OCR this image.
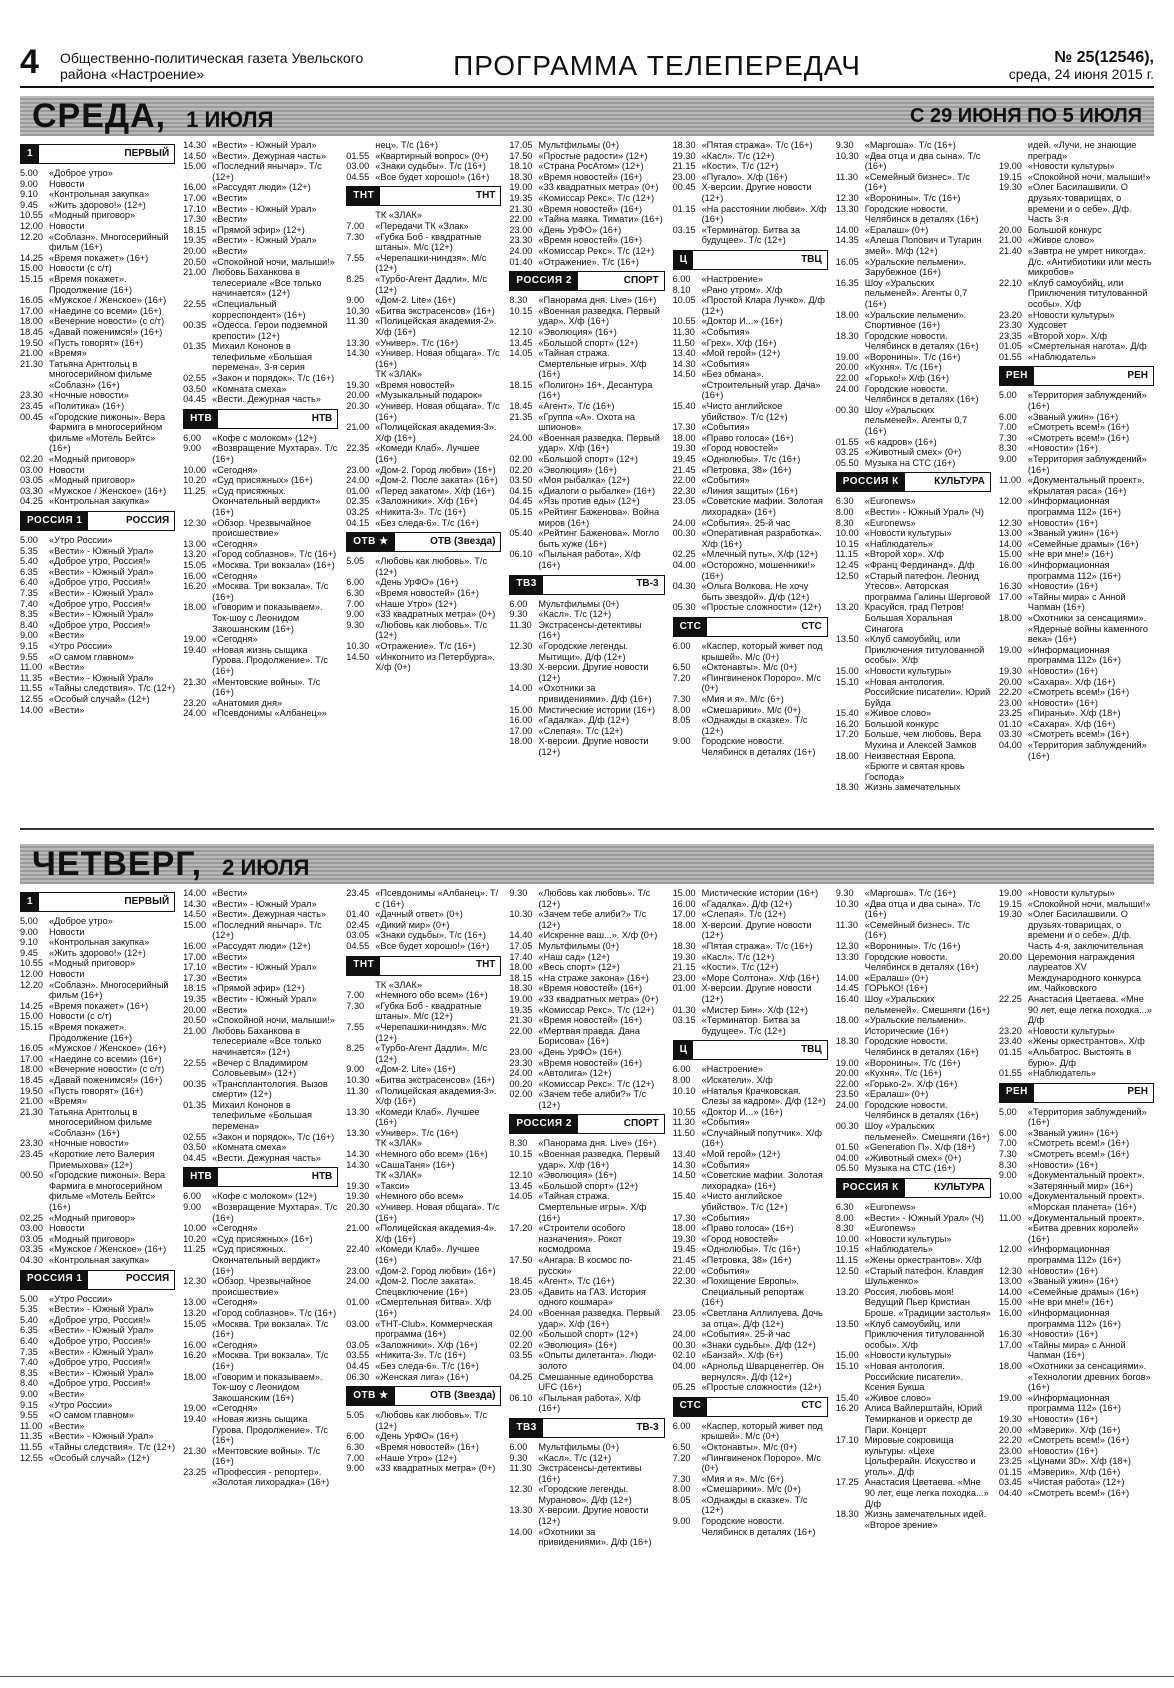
4	Общественно-политическая газета Увельского района «Настроение»	ПРОГРАММА ТЕЛЕПЕРЕДАЧ	№ 25(12546),
среда, 24 июня 2015 г.
СРЕДА, 1 ИЮЛЯ	С 29 ИЮНЯ ПО 5 ИЮЛЯ
1	ПЕРВЫЙ
5.00	«Доброе утро»
9.00	Новости
9.10	«Контрольная закупка»
9.45	«Жить здорово!» (12+)
10.55 «Модный приговор»
12.00 Новости
12.20 «Соблазн». Многосерийный фильм (16+)
14.25 «Время покажет» (16+)
15.00 Новости (с с/т)
15.15 «Время покажет». Продолжение (16+)
16.05 «Мужское / Женское» (16+)
17.00 «Наедине со всеми» (16+)
18.00 «Вечерние новости» (с с/т)
18.45 «Давай поженимся!» (16+)
19.50 «Пусть говорят» (16+)
21.00 «Время»
21.30 Татьяна Арнтгольц в многосерийном фильме «Соблазн» (16+)
23.30 «Ночные новости»
23.45 «Политика» (16+)
00.45 «Городские пижоны». Вера Фармига в многосерийном фильме «Мотель Бейтс» (16+)
02.20 «Модный приговор»
03.00 Новости
03.05 «Модный приговор»
03.30 «Мужское / Женское» (16+)
04.25 «Контрольная закупка»
РОССИЯ 1	РОССИЯ
5.00	«Утро России»
5.35	«Вести» - Южный Урал»
5.40	«Доброе утро, Россия!»
6.35	«Вести» - Южный Урал»
6.40	«Доброе утро, Россия!»
7.35	«Вести» - Южный Урал»
7.40	«Доброе утро, Россия!»
8.35	«Вести» - Южный Урал»
8.40	«Доброе утро, Россия!»
9.00	«Вести»
9.15	«Утро России»
9.55	«О самом главном»
11.00 «Вести»
11.35 «Вести» - Южный Урал»
11.55 «Тайны следствия». Т/с (12+)
12.55 «Особый случай» (12+)
14.00 «Вести»
14.30 «Вести» - Южный Урал»
14.50 «Вести». Дежурная часть»
15.00 «Последний янычар». Т/с (12+)
16.00 «Рассудят люди» (12+)
17.00 «Вести»
17.10 «Вести» - Южный Урал»
17.30 «Вести»
18.15 «Прямой эфир» (12+)
19.35 «Вести» - Южный Урал»
20.00 «Вести»
20.50 «Спокойной ночи, малыши!»
21.00 Любовь Баханкова в телесериале «Все только начинается» (12+)
22.55 «Специальный корреспондент» (16+)
00.35 «Одесса. Герои подземной крепости» (12+)
01.35 Михаил Кононов в телефильме «Большая перемена». 3-я серия
02.55 «Закон и порядок». Т/с (16+)
03.50 «Комната смеха»
04.45 «Вести. Дежурная часть»
НТВ	НТВ
6.00	«Кофе с молоком» (12+)
9.00	«Возвращение Мухтара». Т/с (16+)
10.00 «Сегодня»
10.20 «Суд присяжных» (16+)
11.25 «Суд присяжных. Окончательный вердикт» (16+)
12.30 «Обзор. Чрезвычайное происшествие»
13.00 «Сегодня»
13.20 «Город соблазнов». Т/с (16+)
15.05 «Москва. Три вокзала» (16+)
16.00 «Сегодня»
16.20 «Москва. Три вокзала». Т/с (16+)
18.00 «Говорим и показываем». Ток-шоу с Леонидом Закошанским (16+)
19.00 «Сегодня»
19.40 «Новая жизнь сыщика Гурова. Продолжение». Т/с (16+)
21.30 «Ментовские войны». Т/с (16+)
23.20 «Анатомия дня»
24.00 «Псевдонимы «Албанец»»
нец». Т/с (16+)
01.55 «Квартирный вопрос» (0+)
03.00 «Знаки судьбы». Т/с (16+)
04.55 «Все будет хорошо!» (16+)
ТНТ	ТНТ
ТК «ЗЛАК»
7.00	«Передачи ТК «Злак»
7.30	«Губка Боб - квадратные штаны». М/с (12+)
7.55	«Черепашки-ниндзя». М/с (12+)
8.25	«Турбо-Агент Дадли». М/с (12+)
9.00	«Дом-2. Lite» (16+)
10.30 «Битва экстрасенсов» (16+)
11.30 «Полицейская академия-2». Х/ф (16+)
13.30 «Универ». Т/с (16+)
14.30 «Универ. Новая общага». Т/с (16+)
ТК «ЗЛАК»
19.30 «Время новостей»
20.00 «Музыкальный подарок»
20.30 «Универ. Новая общага». Т/с (16+)
21.00 «Полицейская академия-3». Х/ф (16+)
22.35 «Комеди Клаб». Лучшее (16+)
23.00 «Дом-2. Город любви» (16+)
24.00 «Дом-2. После заката» (16+)
01.00 «Перед закатом». Х/ф (16+)
02.35 «Заложники». Х/ф (16+)
03.25 «Никита-3». Т/с (16+)
04.15 «Без следа-6». Т/с (16+)
ОТВ ★	ОТВ (Звезда)
5.05	«Любовь как любовь». Т/с (12+)
6.00	«День УрФО» (16+)
6.30	«Время новостей» (16+)
7.00	«Наше Утро» (12+)
9.00	«33 квадратных метра» (0+)
9.30	«Любовь как любовь». Т/с (12+)
10.30 «Отражение». Т/с (16+)
14.50 «Инкогнито из Петербурга». Х/ф (0+)
17.05 Мультфильмы (0+)
17.50 «Простые радости» (12+)
18.10 «Страна РосАтом» (12+)
18.30 «Время новостей» (16+)
19.00 «33 квадратных метра» (0+)
19.35 «Комиссар Рекс». Т/с (12+)
21.30 «Время новостей» (16+)
22.00 «Тайна маяка. Тимати» (16+)
23.00 «День УрФО» (16+)
23.30 «Время новостей» (16+)
24.00 «Комиссар Рекс». Т/с (12+)
01.40 «Отражение». Т/с (16+)
РОССИЯ 2	СПОРТ
8.30	«Панорама дня. Live» (16+)
10.15 «Военная разведка. Первый удар». Х/ф (16+)
12.10 «Эволюция» (16+)
13.45 «Большой спорт» (12+)
14.05 «Тайная стража. Смертельные игры». Х/ф (16+)
18.15 «Полигон» 16+. Десантура (16+)
18.45 «Агент». Т/с (16+)
21.35 «Группа «А». Охота на шпионов»
24.00 «Военная разведка. Первый удар». Х/ф (16+)
02.00 «Большой спорт» (12+)
02.20 «Эволюция» (16+)
03.50 «Моя рыбалка» (12+)
04.15 «Диалоги о рыбалке» (16+)
04.45 «Язь против еды» (12+)
05.15 «Рейтинг Баженова». Война миров (16+)
05.40 «Рейтинг Баженова». Могло быть хуже (16+)
06.10 «Пыльная работа». Х/ф (16+)
ТВ3	ТВ-3
6.00	Мультфильмы (0+)
9.30	«Касл». Т/с (12+)
11.30 Экстрасенсы-детективы (16+)
12.30 «Городские легенды. Мытищи». Д/ф (12+)
13.30 Х-версии. Другие новости (12+)
14.00 «Охотники за привидениями». Д/ф (16+)
15.00 Мистические истории (16+)
16.00 «Гадалка». Д/ф (12+)
17.00 «Слепая». Т/с (12+)
18.00 Х-версии. Другие новости (12+)
18.30 «Пятая стража». Т/с (16+)
19.30 «Касл». Т/с (12+)
21.15 «Кости». Т/с (12+)
23.00 «Пугало». Х/ф (16+)
00.45 Х-версии. Другие новости (12+)
01.15 «На расстоянии любви». Х/ф (16+)
03.15 «Терминатор. Битва за будущее». Т/с (12+)
Ц	ТВЦ
6.00	«Настроение»
8.10	«Рано утром». Х/ф
10.05 «Простой Клара Лучко». Д/ф (12+)
10.55 «Доктор И...» (16+)
11.30 «События»
11.50 «Грех». Х/ф (16+)
13.40 «Мой герой» (12+)
14.30 «События»
14.50 «Без обмана». «Строительный угар. Дача» (16+)
15.40 «Чисто английское убийство». Т/с (12+)
17.30 «События»
18.00 «Право голоса» (16+)
19.30 «Город новостей»
19.45 «Однолюбы». Т/с (16+)
21.45 «Петровка, 38» (16+)
22.00 «События»
22.30 «Линия защиты» (16+)
23.05 «Советские мафии. Золотая лихорадка» (16+)
24.00 «События». 25-й час
00.30 «Оперативная разработка». Х/ф (16+)
02.25 «Млечный путь». Х/ф (12+)
04.00 «Осторожно, мошенники!» (16+)
04.30 «Ольга Волкова. Не хочу быть звездой». Д/ф (12+)
05.30 «Простые сложности» (12+)
СТС	СТС
6.00	«Каспер, который живет под крышей». М/с (0+)
6.50	«Октонавты». М/с (0+)
7.20	«Пингвиненок Пороро». М/с (0+)
7.30	«Мия и я». М/с (6+)
8.00	«Смешарики». М/с (0+)
8.05	«Однажды в сказке». Т/с (12+)
9.00	Городские новости. Челябинск в деталях (16+)
9.30	«Маргоша». Т/с (16+)
10.30 «Два отца и два сына». Т/с (16+)
11.30 «Семейный бизнес». Т/с (16+)
12.30 «Воронины». Т/с (16+)
13.30 Городские новости. Челябинск в деталях (16+)
14.00 «Ералаш» (0+)
14.35 «Алеша Попович и Тугарин змей». М/ф (12+)
16.05 «Уральские пельмени». Зарубежное (16+)
16.35 Шоу «Уральских пельменей». Агенты 0,7 (16+)
18.00 «Уральские пельмени». Спортивное (16+)
18.30 Городские новости. Челябинск в деталях (16+)
19.00 «Воронины». Т/с (16+)
20.00 «Кухня». Т/с (16+)
22.00 «Горько!» Х/ф (16+)
24.00 Городские новости. Челябинск в деталях (16+)
00.30 Шоу «Уральских пельменей». Агенты 0,7 (16+)
01.55 «6 кадров» (16+)
03.25 «Животный смех» (0+)
05.50 Музыка на СТС (16+)
РОССИЯ К	КУЛЬТУРА
6.30	«Euronews»
8.00	«Вести» - Южный Урал» (Ч)
8.30	«Euronews»
10.00 «Новости культуры»
10.15 «Наблюдатель»
11.15 «Второй хор». Х/ф
12.45 «Франц Фердинанд». Д/ф
12.50 «Старый патефон. Леонид Утесов». Авторская программа Галины Шерговой
13.20 Красуйся, град Петров! Большая Хоральная Синагога
13.50 «Клуб самоубийц, или Приключения титулованной особы». Х/ф
15.00 «Новости культуры»
15.10 «Новая антология. Российские писатели». Юрий Буйда
15.40 «Живое слово»
16.20 Большой конкурс
17.20 Больше, чем любовь. Вера Мухина и Алексей Замков
18.00 Неизвестная Европа. «Брюгге и святая кровь Господа»
18.30 Жизнь замечательных
идей. «Лучи, не знающие преград»
19.00 «Новости культуры»
19.15 «Спокойной ночи, малыши!»
19.30 «Олег Басилашвили. О друзьях-товарищах, о времени и о себе». Д/ф. Часть 3-я
20.00 Большой конкурс
21.00 «Живое слово»
21.40 «Завтра не умрет никогда». Д/с. «Антибиотики или месть микробов»
22.10 «Клуб самоубийц, или Приключения титулованной особы». Х/ф
23.20 «Новости культуры»
23.30 Худсовет
23.35 «Второй хор». Х/ф
01.05 «Смертельная нагота». Д/ф
01.55 «Наблюдатель»
РЕН	РЕН
5.00	«Территория заблуждений» (16+)
6.00	«Званый ужин» (16+)
7.00	«Смотреть всем!» (16+)
7.30	«Смотреть всем!» (16+)
8.30	«Новости» (16+)
9.00	«Территория заблуждений» (16+)
11.00 «Документальный проект». «Крылатая раса» (16+)
12.00 «Информационная программа 112» (16+)
12.30 «Новости» (16+)
13.00 «Званый ужин» (16+)
14.00 «Семейные драмы» (16+)
15.00 «Не ври мне!» (16+)
16.00 «Информационная программа 112» (16+)
16.30 «Новости» (16+)
17.00 «Тайны мира» с Анной Чапман (16+)
18.00 «Охотники за сенсациями». «Ядерные войны каменного века» (16+)
19.00 «Информационная программа 112» (16+)
19.30 «Новости» (16+)
20.00 «Сахара». Х/ф (16+)
22.20 «Смотреть всем!» (16+)
23.00 «Новости» (16+)
23.25 «Пираньи». Х/ф (18+)
01.10 «Сахара». Х/ф (16+)
03.30 «Смотреть всем!» (16+)
04.00 «Территория заблуждений» (16+)
ЧЕТВЕРГ, 2 ИЮЛЯ
1	ПЕРВЫЙ
5.00	«Доброе утро»
9.00	Новости
9.10	«Контрольная закупка»
9.45	«Жить здорово!» (12+)
10.55 «Модный приговор»
12.00 Новости
12.20 «Соблазн». Многосерийный фильм (16+)
14.25 «Время покажет» (16+)
15.00 Новости (с с/т)
15.15 «Время покажет». Продолжение (16+)
16.05 «Мужское / Женское» (16+)
17.00 «Наедине со всеми» (16+)
18.00 «Вечерние новости» (с с/т)
18.45 «Давай поженимся!» (16+)
19.50 «Пусть говорят» (16+)
21.00 «Время»
21.30 Татьяна Арнтгольц в многосерийном фильме «Соблазн» (16+)
23.30 «Ночные новости»
23.45 «Короткие лето Валерия Приемыхова» (12+)
00.50 «Городские пижоны». Вера Фармига в многосерийном фильме «Мотель Бейтс» (16+)
02.25 «Модный приговор»
03.00 Новости
03.05 «Модный приговор»
03.35 «Мужское / Женское» (16+)
04.30 «Контрольная закупка»
РОССИЯ 1	РОССИЯ
5.00	«Утро России»
5.35	«Вести» - Южный Урал»
5.40	«Доброе утро, Россия!»
6.35	«Вести» - Южный Урал»
6.40	«Доброе утро, Россия!»
7.35	«Вести» - Южный Урал»
7.40	«Доброе утро, Россия!»
8.35	«Вести» - Южный Урал»
8.40	«Доброе утро, Россия!»
9.00	«Вести»
9.15	«Утро России»
9.55	«О самом главном»
11.00 «Вести»
11.35 «Вести» - Южный Урал»
11.55 «Тайны следствия». Т/с (12+)
12.55 «Особый случай» (12+)
14.00 «Вести»
14.30 «Вести» - Южный Урал»
14.50 «Вести». Дежурная часть»
15.00 «Последний янычар». Т/с (12+)
16.00 «Рассудят люди» (12+)
17.00 «Вести»
17.10 «Вести» - Южный Урал»
17.30 «Вести»
18.15 «Прямой эфир» (12+)
19.35 «Вести» - Южный Урал»
20.00 «Вести»
20.50 «Спокойной ночи, малыши!»
21.00 Любовь Баханкова в телесериале «Все только начинается» (12+)
22.55 «Вечер с Владимиром Соловьевым» (12+)
00.35 «Трансплантология. Вызов смерти» (12+)
01.35 Михаил Кононов в телефильме «Большая перемена»
02.55 «Закон и порядок». Т/с (16+)
03.50 «Комната смеха»
04.45 «Вести. Дежурная часть»
НТВ	НТВ
6.00	«Кофе с молоком» (12+)
9.00	«Возвращение Мухтара». Т/с (16+)
10.00 «Сегодня»
10.20 «Суд присяжных» (16+)
11.25 «Суд присяжных. Окончательный вердикт» (16+)
12.30 «Обзор. Чрезвычайное происшествие»
13.00 «Сегодня»
13.20 «Город соблазнов». Т/с (16+)
15.05 «Москва. Три вокзала». Т/с (16+)
16.00 «Сегодня»
16.20 «Москва. Три вокзала». Т/с (16+)
18.00 «Говорим и показываем». Ток-шоу с Леонидом Закошанским (16+)
19.00 «Сегодня»
19.40 «Новая жизнь сыщика Гурова. Продолжение». Т/с (16+)
21.30 «Ментовские войны». Т/с (16+)
23.25 «Профессия - репортер». «Золотая лихорадка» (16+)
23.45 «Псевдонимы «Албанец». Т/с (16+)
01.40 «Дачный ответ» (0+)
02.45 «Дикий мир» (0+)
03.05 «Знаки судьбы». Т/с (16+)
04.55 «Все будет хорошо!» (16+)
ТНТ	ТНТ
ТК «ЗЛАК»
7.00	«Немного обо всем» (16+)
7.30	«Губка Боб - квадратные штаны». М/с (12+)
7.55	«Черепашки-ниндзя». М/с (12+)
8.25	«Турбо-Агент Дадли». М/с (12+)
9.00	«Дом-2. Lite» (16+)
10.30 «Битва экстрасенсов» (16+)
11.30 «Полицейская академия-3». Х/ф (16+)
13.30 «Комеди Клаб». Лучшее (16+)
13.30 «Универ». Т/с (16+)
ТК «ЗЛАК»
14.30 «Немного обо всем» (16+)
14.30 «СашаТаня» (16+)
ТК «ЗЛАК»
19.30 «Такси»
19.30 «Немного обо всем»
20.30 «Универ. Новая общага». Т/с (16+)
21.00 «Полицейская академия-4». Х/ф (16+)
22.40 «Комеди Клаб». Лучшее (16+)
23.00 «Дом-2. Город любви» (16+)
24.00 «Дом-2. После заката». Спецвключение (16+)
01.00 «Смертельная битва». Х/ф (16+)
03.00 «ТНТ-Club». Коммерческая программа (16+)
03.05 «Заложники». Х/ф (16+)
03.55 «Никита-3». Т/с (16+)
04.45 «Без следа-6». Т/с (16+)
06.30 «Женская лига» (16+)
ОТВ ★	ОТВ (Звезда)
5.05	«Любовь как любовь». Т/с (12+)
6.00	«День УрФО» (16+)
6.30	«Время новостей» (16+)
7.00	«Наше Утро» (12+)
9.00	«33 квадратных метра» (0+)
9.30	«Любовь как любовь». Т/с (12+)
10.30 «Зачем тебе алиби?» Т/с (12+)
14.40 «Искренне ваш...». Х/ф (0+)
17.05 Мультфильмы (0+)
17.40 «Наш сад» (12+)
18.00 «Весь спорт» (12+)
18.15 «На страже закона» (16+)
18.30 «Время новостей» (16+)
19.00 «33 квадратных метра» (0+)
19.35 «Комиссар Рекс». Т/с (12+)
21.30 «Время новостей» (16+)
22.00 «Мертвая правда. Дана Борисова» (16+)
23.00 «День УрФО» (16+)
23.30 «Время новостей» (16+)
24.00 «Автолига» (12+)
00.20 «Комиссар Рекс». Т/с (12+)
02.00 «Зачем тебе алиби?» Т/с (12+)
РОССИЯ 2	СПОРТ
8.30	«Панорама дня. Live» (16+)
10.15 «Военная разведка. Первый удар». Х/ф (16+)
12.10 «Эволюция» (16+)
13.45 «Большой спорт» (12+)
14.05 «Тайная стража. Смертельные игры». Х/ф (16+)
17.20 «Строители особого назначения». Рокот космодрома
17.50 «Ангара. В космос по-русски»
18.45 «Агент». Т/с (16+)
23.05 «Давить на ГАЗ. История одного кошмара»
24.00 «Военная разведка. Первый удар». Х/ф (16+)
02.00 «Большой спорт» (12+)
02.20 «Эволюция» (16+)
03.55 «Опыты дилетанта». Люди-золото
04.25 Смешанные единоборства UFC (16+)
06.10 «Пыльная работа». Х/ф (16+)
ТВ3	ТВ-3
6.00	Мультфильмы (0+)
9.30	«Касл». Т/с (12+)
11.30 Экстрасенсы-детективы (16+)
12.30 «Городские легенды. Мураново». Д/ф (12+)
13.30 Х-версии. Другие новости (12+)
14.00 «Охотники за привидениями». Д/ф (16+)
15.00 Мистические истории (16+)
16.00 «Гадалка». Д/ф (12+)
17.00 «Слепая». Т/с (12+)
18.00 Х-версии. Другие новости (12+)
18.30 «Пятая стража». Т/с (16+)
19.30 «Касл». Т/с (12+)
21.15 «Кости». Т/с (12+)
23.00 «Море Солтона». Х/ф (16+)
01.00 Х-версии. Другие новости (12+)
01.30 «Мистер Бин». Х/ф (12+)
03.15 «Терминатор. Битва за будущее». Т/с (12+)
Ц	ТВЦ
6.00	«Настроение»
8.00	«Искатели». Х/ф
10.10 «Наталья Крачковская. Слезы за кадром». Д/ф (12+)
10.55 «Доктор И...» (16+)
11.30 «События»
11.50 «Случайный попутчик». Х/ф (16+)
13.40 «Мой герой» (12+)
14.30 «События»
14.50 «Советские мафии. Золотая лихорадка» (16+)
15.40 «Чисто английское убийство». Т/с (12+)
17.30 «События»
18.00 «Право голоса» (16+)
19.30 «Город новостей»
19.45 «Однолюбы». Т/с (16+)
21.45 «Петровка, 38» (16+)
22.00 «События»
22.30 «Похищение Европы». Специальный репортаж (16+)
23.05 «Светлана Аллилуева. Дочь за отца». Д/ф (12+)
24.00 «События». 25-й час
00.30 «Знаки судьбы». Д/ф (12+)
02.10 «Банзай». Х/ф (6+)
04.00 «Арнольд Шварценеггер. Он вернулся». Д/ф (12+)
05.25 «Простые сложности» (12+)
СТС	СТС
6.00	«Каспер, который живет под крышей». М/с (0+)
6.50	«Октонавты». М/с (0+)
7.20	«Пингвиненок Пороро». М/с (0+)
7.30	«Мия и я». М/с (6+)
8.00	«Смешарики». М/с (0+)
8.05	«Однажды в сказке». Т/с (12+)
9.00	Городские новости. Челябинск в деталях (16+)
9.30	«Маргоша». Т/с (16+)
10.30 «Два отца и два сына». Т/с (16+)
11.30 «Семейный бизнес». Т/с (16+)
12.30 «Воронины». Т/с (16+)
13.30 Городские новости. Челябинск в деталях (16+)
14.00 «Ералаш» (0+)
14.45 ГОРЬКО! (16+)
16.40 Шоу «Уральских пельменей». Смешняги (16+)
18.00 «Уральские пельмени». Исторические (16+)
18.30 Городские новости. Челябинск в деталях (16+)
19.00 «Воронины». Т/с (16+)
20.00 «Кухня». Т/с (16+)
22.00 «Горько-2». Х/ф (16+)
23.50 «Ералаш» (0+)
24.00 Городские новости. Челябинск в деталях (16+)
00.30 Шоу «Уральских пельменей». Смешняги (16+)
01.50 «Generation П». Х/ф (18+)
04.00 «Животный смех» (0+)
05.50 Музыка на СТС (16+)
РОССИЯ К	КУЛЬТУРА
6.30	«Euronews»
8.00	«Вести» - Южный Урал» (Ч)
8.30	«Euronews»
10.00 «Новости культуры»
10.15 «Наблюдатель»
11.15 «Жены оркестрантов». Х/ф
12.50 «Старый патефон. Клавдия Шульженко»
13.20 Россия, любовь моя! Ведущий Пьер Кристиан Броше. «Традиции застолья»
13.50 «Клуб самоубийц, или Приключения титулованной особы». Х/ф
15.00 «Новости культуры»
15.10 «Новая антология. Российские писатели». Ксения Букша
15.40 «Живое слово»
16.20 Алиса Вайлерштайн, Юрий Темирканов и оркестр де Пари. Концерт
17.10 Мировые сокровища культуры. «Цехе Цольферайн. Искусство и уголь». Д/ф
17.25 Анастасия Цветаева. «Мне 90 лет, еще легка походка...» Д/ф
18.30 Жизнь замечательных идей. «Второе зрение»
19.00 «Новости культуры»
19.15 «Спокойной ночи, малыши!»
19.30 «Олег Басилашвили. О друзьях-товарищах, о времени и о себе». Д/ф. Часть 4-я, заключительная
20.00 Церемония награждения лауреатов XV Международного конкурса им. Чайковского
22.25 Анастасия Цветаева. «Мне 90 лет, еще легка походка...» Д/ф
23.20 «Новости культуры»
23.40 «Жены оркестрантов». Х/ф
01.15 «Альбатрос. Выстоять в бурю». Д/ф
01.55 «Наблюдатель»
РЕН	РЕН
5.00	«Территория заблуждений» (16+)
6.00	«Званый ужин» (16+)
7.00	«Смотреть всем!» (16+)
7.30	«Смотреть всем!» (16+)
8.30	«Новости» (16+)
9.00	«Документальный проект». «Затерянный мир» (16+)
10.00 «Документальный проект». «Морская планета» (16+)
11.00 «Документальный проект». «Битва древних королей» (16+)
12.00 «Информационная программа 112» (16+)
12.30 «Новости» (16+)
13.00 «Званый ужин» (16+)
14.00 «Семейные драмы» (16+)
15.00 «Не ври мне!» (16+)
16.00 «Информационная программа 112» (16+)
16.30 «Новости» (16+)
17.00 «Тайны мира» с Анной Чапман (16+)
18.00 «Охотники за сенсациями». «Технологии древних богов» (16+)
19.00 «Информационная программа 112» (16+)
19.30 «Новости» (16+)
20.00 «Мэверик». Х/ф (16+)
22.20 «Смотреть всем!» (16+)
23.00 «Новости» (16+)
23.25 «Цунами 3D». Х/ф (18+)
01.15 «Мэверик». Х/ф (16+)
03.45 «Чистая работа» (12+)
04.40 «Смотреть всем!» (16+)
